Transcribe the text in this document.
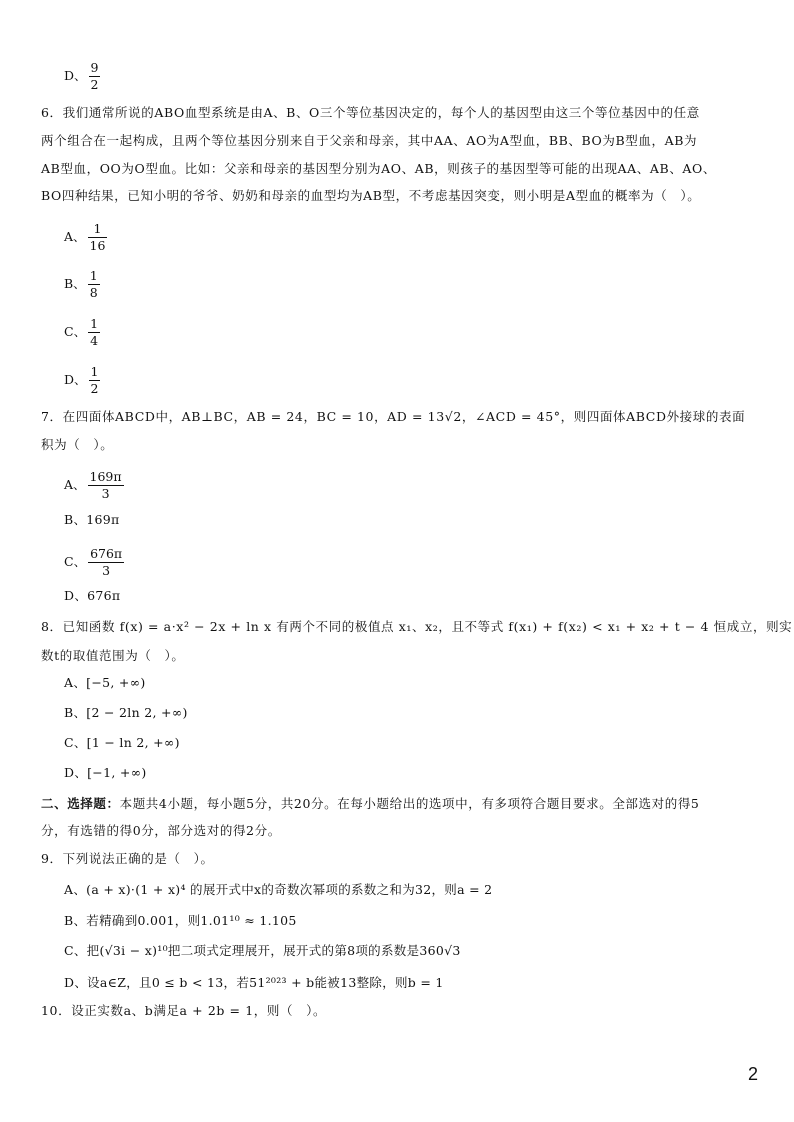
D、 $\frac{9}{2}$
6．我们通常所说的ABO血型系统是由A、B、O三个等位基因决定的，每个人的基因型由这三个等位基因中的任意
两个组合在一起构成，且两个等位基因分别来自于父亲和母亲，其中AA、AO为A型血，BB、BO为B型血，AB为
AB型血，OO为O型血。比如：父亲和母亲的基因型分别为AO、AB，则孩子的基因型等可能的出现AA、AB、AO、
BO四种结果，已知小明的爷爷、奶奶和母亲的血型均为AB型，不考虑基因突变，则小明是A型血的概率为（　）。
A、 $\frac{1}{16}$
B、 $\frac{1}{8}$
C、 $\frac{1}{4}$
D、 $\frac{1}{2}$
7．在四面体ABCD中，AB⊥BC，AB = 24，BC = 10，AD = 13√2，∠ACD = 45°，则四面体ABCD外接球的表面
积为（　）。
A、 $\frac{169\pi}{3}$
B、169π
C、 $\frac{676\pi}{3}$
D、676π
8．已知函数 f(x) = a·x² − 2x + ln x 有两个不同的极值点 x₁、x₂，且不等式 f(x₁) + f(x₂) < x₁ + x₂ + t − 4 恒成立，则实
数t的取值范围为（　）。
A、[−5, +∞)
B、[2 − 2ln 2, +∞)
C、[1 − ln 2, +∞)
D、[−1, +∞)
二、选择题：本题共4小题，每小题5分，共20分。在每小题给出的选项中，有多项符合题目要求。全部选对的得5
分，有选错的得0分，部分选对的得2分。
9．下列说法正确的是（　）。
A、(a + x)·(1 + x)⁴ 的展开式中x的奇数次幂项的系数之和为32，则a = 2
B、若精确到0.001，则1.01¹⁰ ≈ 1.105
C、把(√3i − x)¹⁰把二项式定理展开，展开式的第8项的系数是360√3
D、设a∈Z，且0 ≤ b < 13，若51²⁰²³ + b能被13整除，则b = 1
10．设正实数a、b满足a + 2b = 1，则（　）。
2
